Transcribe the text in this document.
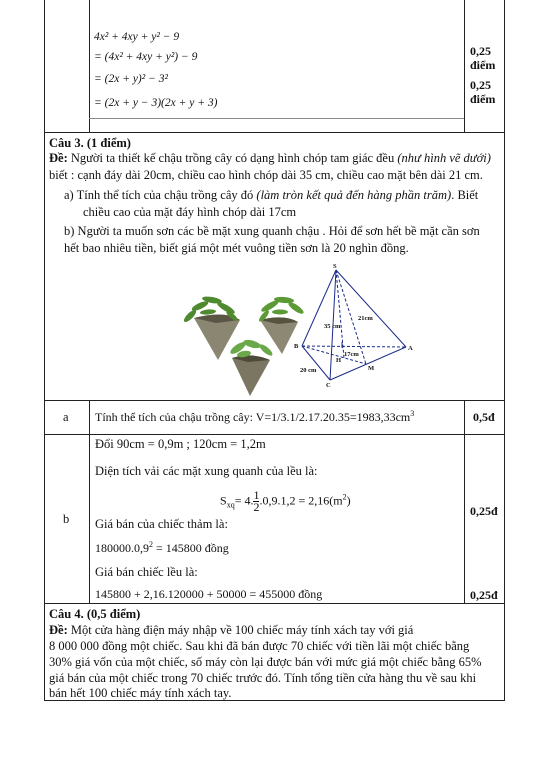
4x² + 4xy + y² − 9
= (4x² + 4xy + y²) − 9
= (2x + y)² − 3²
= (2x + y − 3)(2x + y + 3)

0,25
điểm
0,25
điểm
Câu 3. (1 điểm)
Đề: Người ta thiết kế chậu trồng cây có dạng hình chóp tam giác đều (như hình vẽ dưới)
biết : cạnh đáy dài 20cm, chiều cao hình chóp dài 35 cm, chiều cao mặt bên dài 21 cm.
a) Tính thể tích của chậu trồng cây đó (làm tròn kết quả đến hàng phần trăm). Biết
chiều cao của mặt đáy hình chóp dài 17cm
b) Người ta muốn sơn các bề mặt xung quanh chậu . Hỏi để sơn hết bề mặt cần sơn
hết bao nhiêu tiền, biết giá một mét vuông tiền sơn là 20 nghìn đồng.
S
A
B
C
H
M
35 cm
21cm
17cm
20 cm
a Tính thể tích của chậu trồng cây: $V=1/3.1/2.17.20.35=1983,33cm^3$	0,5đ
b
Đổi 90cm = 0,9m ; 120cm = 1,2m
Diện tích vải các mặt xung quanh của lều là:
$S_{xq}= 4$. $\frac{1}{2} .0,9.1,2 = 2,16(m^2)$
Giá bán của chiếc thảm là:
$180000.0,9^2 = 145800$ đồng
Giá bán chiếc lều là:
145800 + 2,16.120000 + 50000 = 455000 đồng
0,25đ
0,25đ
Câu 4. (0,5 điểm)
Đề: Một cửa hàng điện máy nhập về 100 chiếc máy tính xách tay với giá
8 000 000 đồng một chiếc. Sau khi đã bán được 70 chiếc với tiền lãi một chiếc bằng
30% giá vốn của một chiếc, số máy còn lại được bán với mức giá một chiếc bằng 65%
giá bán của một chiếc trong 70 chiếc trước đó. Tính tổng tiền cửa hàng thu về sau khi
bán hết 100 chiếc máy tính xách tay.
